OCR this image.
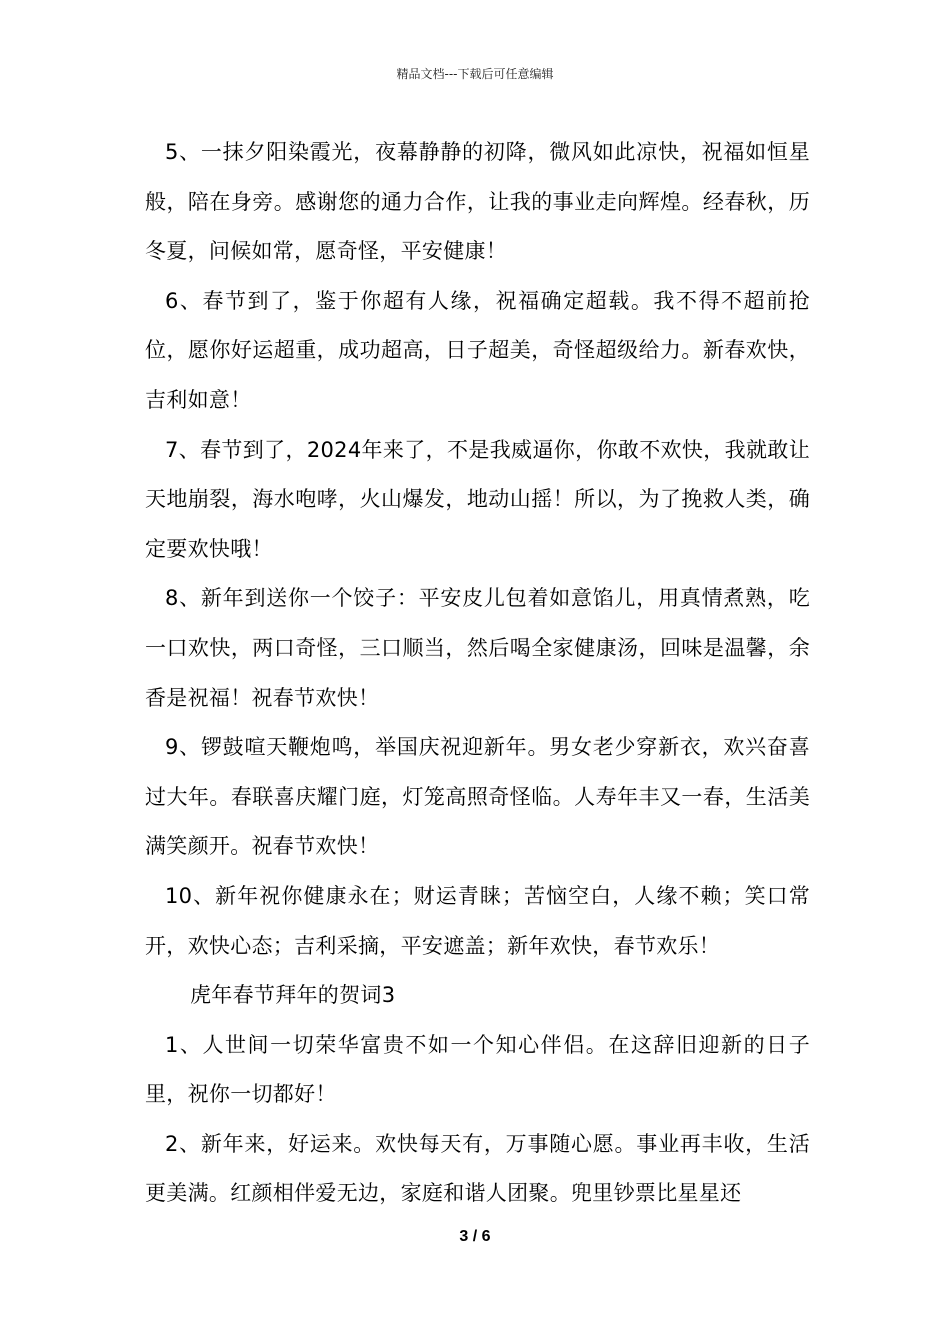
精品文档---下载后可任意编辑

5、一抹夕阳染霞光，夜幕静静的初降，微风如此凉快，祝福如恒星般，陪在身旁。感谢您的通力合作，让我的事业走向辉煌。经春秋，历冬夏，问候如常，愿奇怪，平安健康！

6、春节到了，鉴于你超有人缘，祝福确定超载。我不得不超前抢位，愿你好运超重，成功超高，日子超美，奇怪超级给力。新春欢快，吉利如意！

7、春节到了，2024年来了，不是我威逼你，你敢不欢快，我就敢让天地崩裂，海水咆哮，火山爆发，地动山摇！所以，为了挽救人类，确定要欢快哦！

8、新年到送你一个饺子：平安皮儿包着如意馅儿，用真情煮熟，吃一口欢快，两口奇怪，三口顺当，然后喝全家健康汤，回味是温馨，余香是祝福！祝春节欢快！

9、锣鼓喧天鞭炮鸣，举国庆祝迎新年。男女老少穿新衣，欢兴奋喜过大年。春联喜庆耀门庭，灯笼高照奇怪临。人寿年丰又一春，生活美满笑颜开。祝春节欢快！

10、新年祝你健康永在；财运青睐；苦恼空白，人缘不赖；笑口常开，欢快心态；吉利采摘，平安遮盖；新年欢快，春节欢乐！

虎年春节拜年的贺词3

1、人世间一切荣华富贵不如一个知心伴侣。在这辞旧迎新的日子里，祝你一切都好！

2、新年来，好运来。欢快每天有，万事随心愿。事业再丰收，生活更美满。红颜相伴爱无边，家庭和谐人团聚。兜里钞票比星星还

3 / 6
